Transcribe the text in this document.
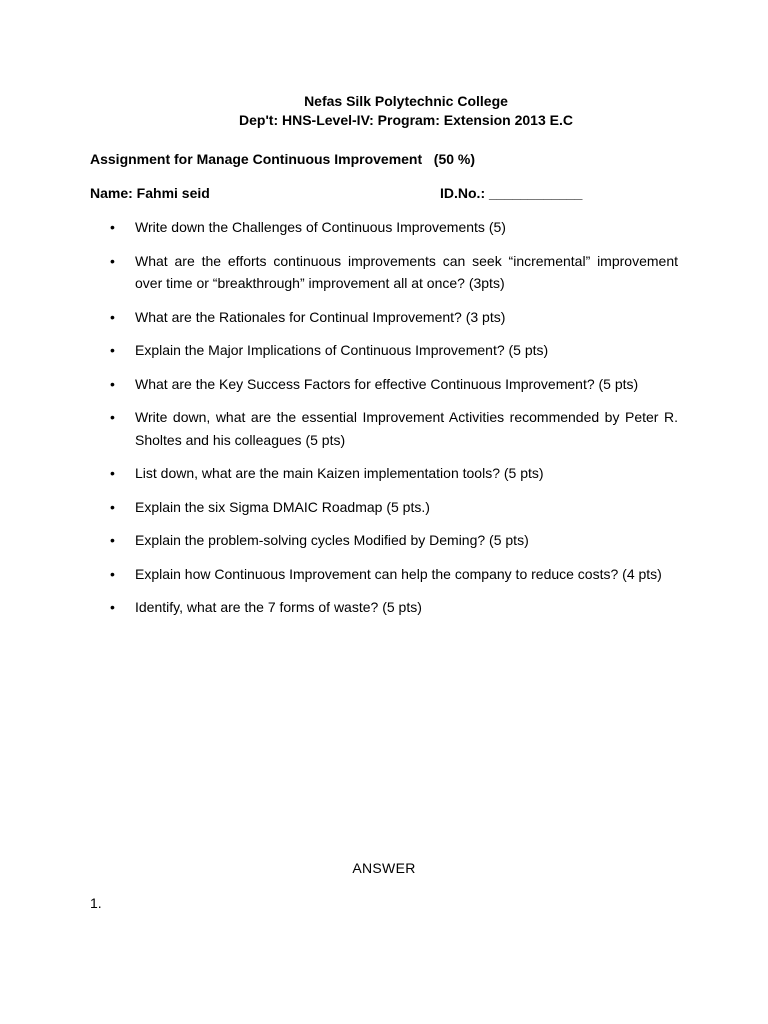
Nefas Silk Polytechnic College
Dep't: HNS-Level-IV: Program: Extension 2013 E.C
Assignment for Manage Continuous Improvement   (50 %)
Name: Fahmi seid	ID.No.: ____________
• Write down the Challenges of Continuous Improvements (5)
• What are the efforts continuous improvements can seek “incremental” improvement over time or “breakthrough” improvement all at once? (3pts)
• What are the Rationales for Continual Improvement? (3 pts)
• Explain the Major Implications of Continuous Improvement? (5 pts)
• What are the Key Success Factors for effective Continuous Improvement? (5 pts)
• Write down, what are the essential Improvement Activities recommended by Peter R. Sholtes and his colleagues (5 pts)
• List down, what are the main Kaizen implementation tools? (5 pts)
• Explain the six Sigma DMAIC Roadmap (5 pts.)
• Explain the problem-solving cycles Modified by Deming? (5 pts)
• Explain how Continuous Improvement can help the company to reduce costs? (4 pts)
• Identify, what are the 7 forms of waste? (5 pts)
ANSWER
1.
